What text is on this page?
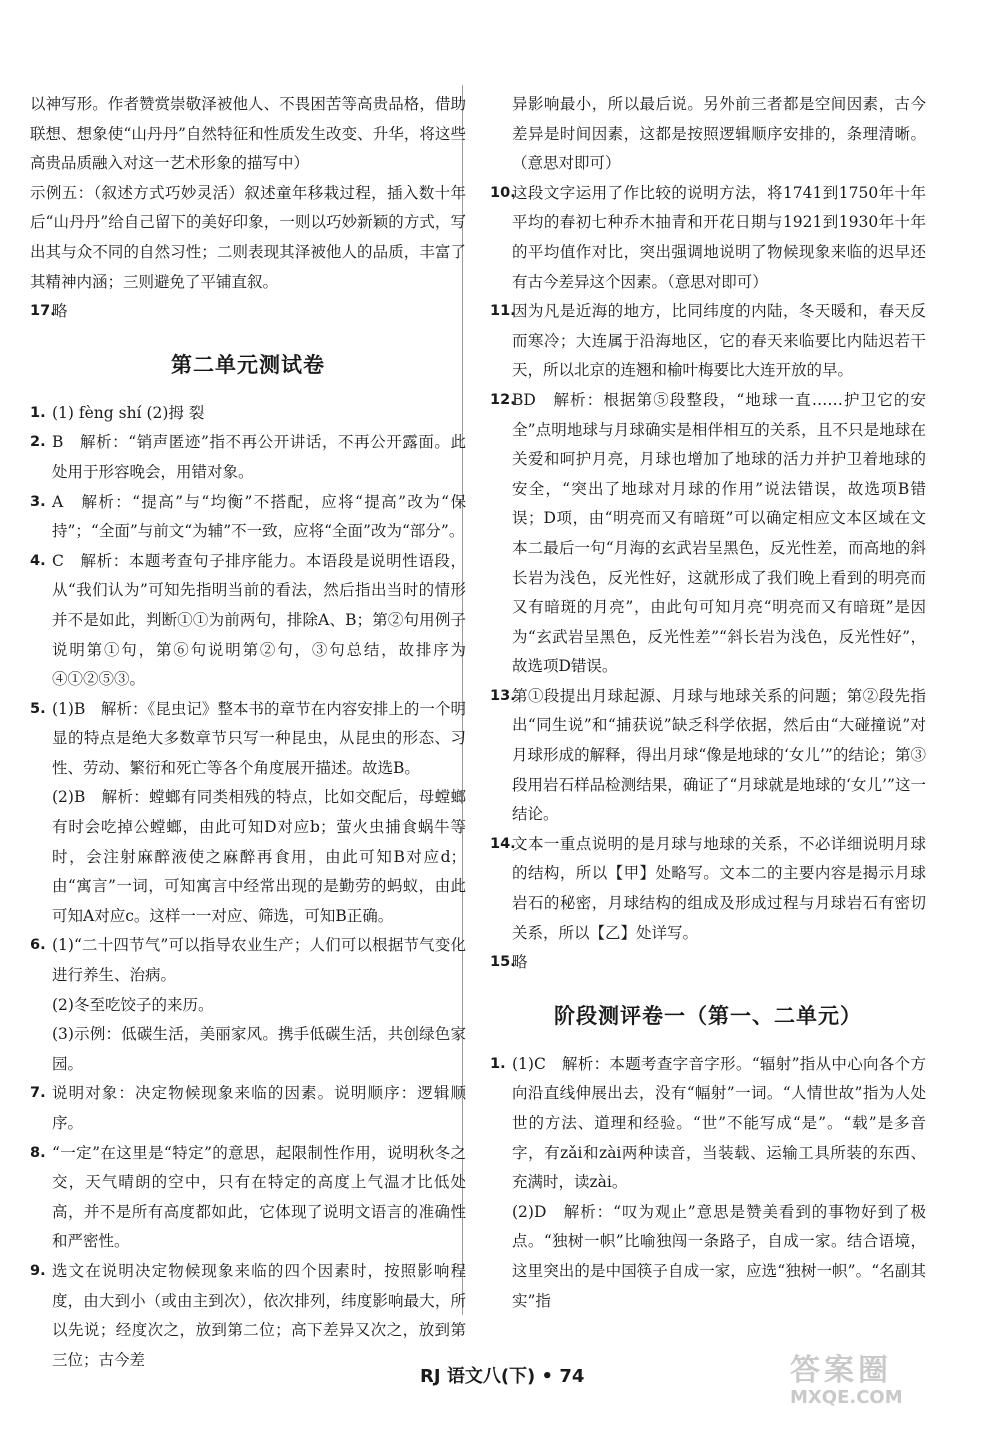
以神写形。作者赞赏崇敬泽被他人、不畏困苦等高贵品格，借助联想、想象使“山丹丹”自然特征和性质发生改变、升华，将这些高贵品质融入对这一艺术形象的描写中）

示例五：（叙述方式巧妙灵活）叙述童年移栽过程，插入数十年后“山丹丹”给自己留下的美好印象，一则以巧妙新颖的方式，写出其与众不同的自然习性；二则表现其泽被他人的品质，丰富了其精神内涵；三则避免了平铺直叙。

17.
略

第二单元测试卷

1. (1) fèng shí (2)拇 裂

2. B　解析：“销声匿迹”指不再公开讲话，不再公开露面。此处用于形容晚会，用错对象。

3. A　解析：“提高”与“均衡”不搭配，应将“提高”改为“保持”；“全面”与前文“为辅”不一致，应将“全面”改为“部分”。

4. C　解析：本题考查句子排序能力。本语段是说明性语段，从“我们认为”可知先指明当前的看法，然后指出当时的情形并不是如此，判断①①为前两句，排除A、B；第②句用例子说明第①句，第⑥句说明第②句，③句总结，故排序为④①②⑤③。

5. (1)B　解析：《昆虫记》整本书的章节在内容安排上的一个明显的特点是绝大多数章节只写一种昆虫，从昆虫的形态、习性、劳动、繁衍和死亡等各个角度展开描述。故选B。

(2)B　解析：螳螂有同类相残的特点，比如交配后，母螳螂有时会吃掉公螳螂，由此可知D对应b；萤火虫捕食蜗牛等时，会注射麻醉液使之麻醉再食用，由此可知B对应d；由“寓言”一词，可知寓言中经常出现的是勤劳的蚂蚁，由此可知A对应c。这样一一对应、筛选，可知B正确。

6. (1)“二十四节气”可以指导农业生产；人们可以根据节气变化进行养生、治病。

(2)冬至吃饺子的来历。

(3)示例：低碳生活，美丽家风。携手低碳生活，共创绿色家园。

7. 说明对象：决定物候现象来临的因素。说明顺序：逻辑顺序。

8. “一定”在这里是“特定”的意思，起限制性作用，说明秋冬之交，天气晴朗的空中，只有在特定的高度上气温才比低处高，并不是所有高度都如此，它体现了说明文语言的准确性和严密性。

9. 选文在说明决定物候现象来临的四个因素时，按照影响程度，由大到小（或由主到次），依次排列，纬度影响最大，所以先说；经度次之，放到第二位；高下差异又次之，放到第三位；古今差

异影响最小，所以最后说。另外前三者都是空间因素，古今差异是时间因素，这都是按照逻辑顺序安排的，条理清晰。（意思对即可）

10.
这段文字运用了作比较的说明方法，将1741到1750年十年平均的春初七种乔木抽青和开花日期与1921到1930年十年的平均值作对比，突出强调地说明了物候现象来临的迟早还有古今差异这个因素。（意思对即可）

11.
因为凡是近海的地方，比同纬度的内陆，冬天暖和，春天反而寒冷；大连属于沿海地区，它的春天来临要比内陆迟若干天，所以北京的连翘和榆叶梅要比大连开放的早。

12.
BD　解析：根据第⑤段整段，“地球一直……护卫它的安全”点明地球与月球确实是相伴相互的关系，且不只是地球在关爱和呵护月亮，月球也增加了地球的活力并护卫着地球的安全，“突出了地球对月球的作用”说法错误，故选项B错误；D项，由“明亮而又有暗斑”可以确定相应文本区域在文本二最后一句“月海的玄武岩呈黑色，反光性差，而高地的斜长岩为浅色，反光性好，这就形成了我们晚上看到的明亮而又有暗斑的月亮”，由此句可知月亮“明亮而又有暗斑”是因为“玄武岩呈黑色，反光性差”“斜长岩为浅色，反光性好”，故选项D错误。

13.
第①段提出月球起源、月球与地球关系的问题；第②段先指出“同生说”和“捕获说”缺乏科学依据，然后由“大碰撞说”对月球形成的解释，得出月球“像是地球的‘女儿’”的结论；第③段用岩石样品检测结果，确证了“月球就是地球的‘女儿’”这一结论。

14.
文本一重点说明的是月球与地球的关系，不必详细说明月球的结构，所以【甲】处略写。文本二的主要内容是揭示月球岩石的秘密，月球结构的组成及形成过程与月球岩石有密切关系，所以【乙】处详写。

15.
略

阶段测评卷一（第一、二单元）

1. (1)C　解析：本题考查字音字形。“辐射”指从中心向各个方向沿直线伸展出去，没有“幅射”一词。“人情世故”指为人处世的方法、道理和经验。“世”不能写成“是”。“载”是多音字，有zǎi和zài两种读音，当装载、运输工具所装的东西、充满时，读zài。

(2)D　解析：“叹为观止”意思是赞美看到的事物好到了极点。“独树一帜”比喻独闯一条路子，自成一家。结合语境，这里突出的是中国筷子自成一家，应选“独树一帜”。“名副其实”指

RJ 语文八(下) • 74	答案圈
MXQE.COM
